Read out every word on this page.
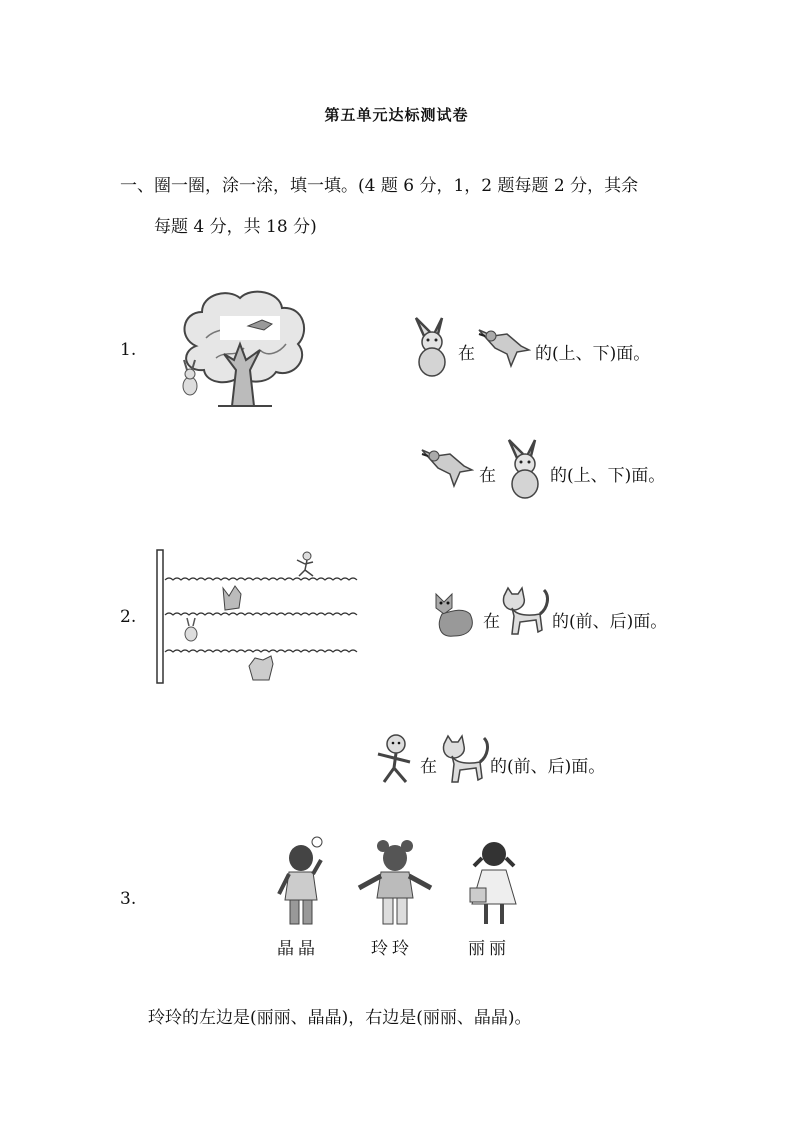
第五单元达标测试卷
一、圈一圈，涂一涂，填一填。(4 题 6 分，1，2 题每题 2 分，其余
每题 4 分，共 18 分)
1.	在	的(上、下)面。
在	的(上、下)面。
2.	在	的(前、后)面。
在	的(前、后)面。
3.
晶晶	玲玲	丽丽
玲玲的左边是(丽丽、晶晶)，右边是(丽丽、晶晶)。
